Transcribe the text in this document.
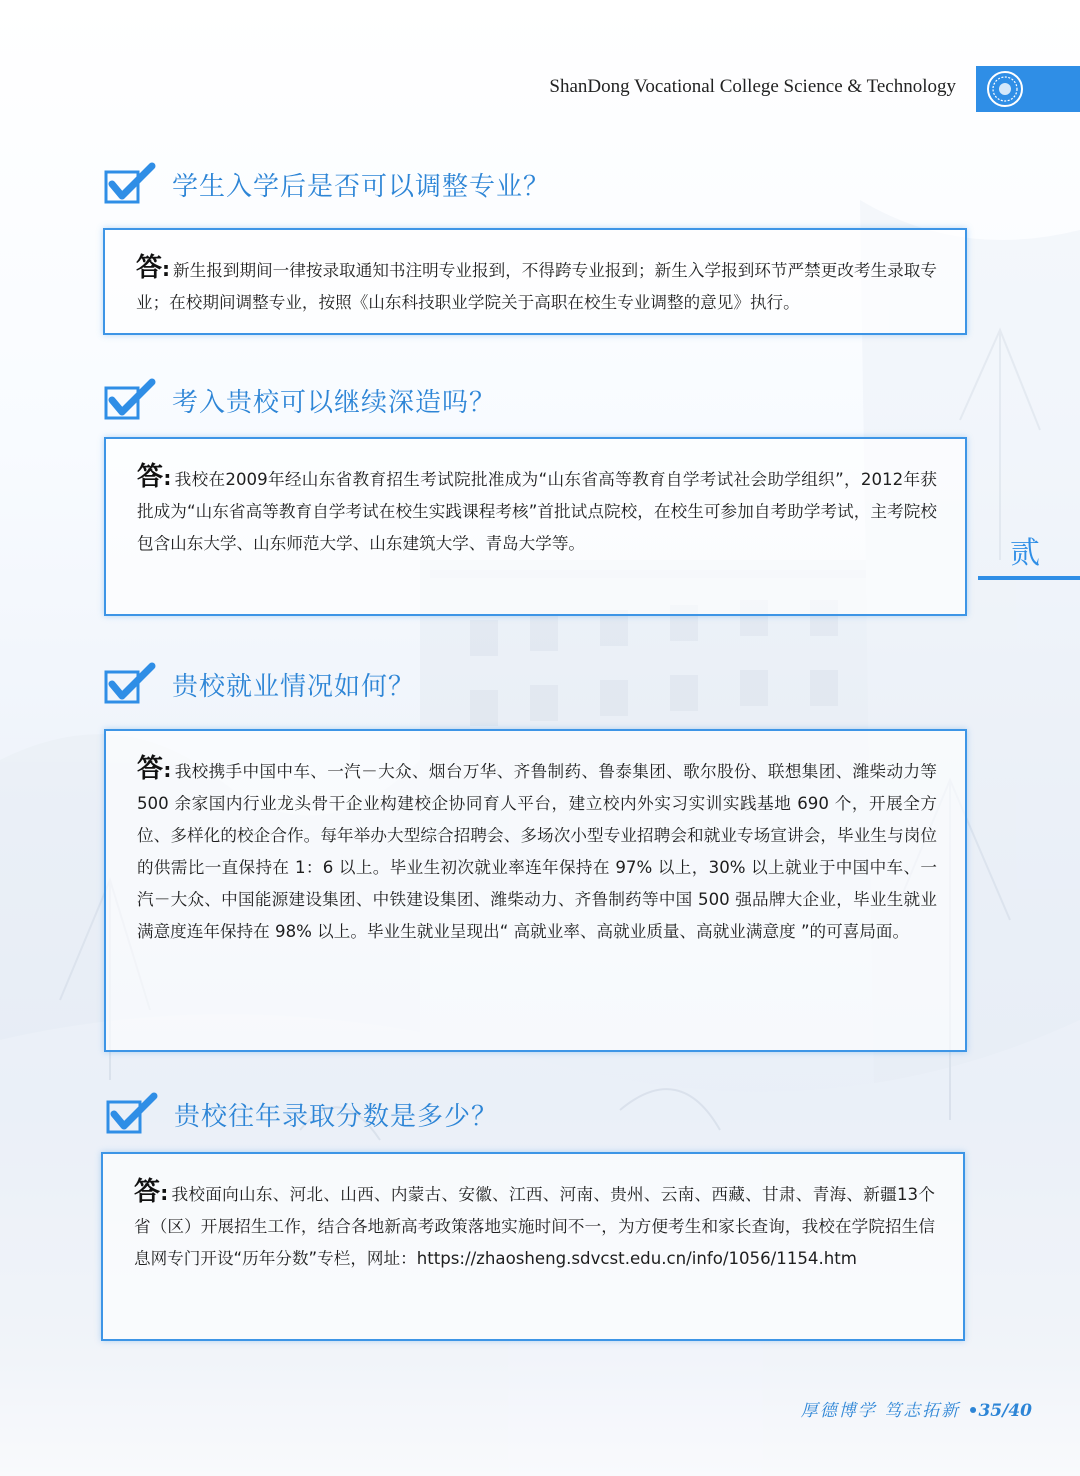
ShanDong Vocational College Science & Technology
贰
学生入学后是否可以调整专业？
答: 新生报到期间一律按录取通知书注明专业报到，不得跨专业报到；新生入学报到环节严禁更改考生录取专业；在校期间调整专业，按照《山东科技职业学院关于高职在校生专业调整的意见》执行。
考入贵校可以继续深造吗？
答: 我校在2009年经山东省教育招生考试院批准成为“山东省高等教育自学考试社会助学组织”，2012年获批成为“山东省高等教育自学考试在校生实践课程考核”首批试点院校，在校生可参加自考助学考试，主考院校包含山东大学、山东师范大学、山东建筑大学、青岛大学等。
贵校就业情况如何？
答: 我校携手中国中车、一汽－大众、烟台万华、齐鲁制药、鲁泰集团、歌尔股份、联想集团、潍柴动力等 500 余家国内行业龙头骨干企业构建校企协同育人平台，建立校内外实习实训实践基地 690 个，开展全方位、多样化的校企合作。每年举办大型综合招聘会、多场次小型专业招聘会和就业专场宣讲会，毕业生与岗位的供需比一直保持在 1：6 以上。毕业生初次就业率连年保持在 97% 以上，30% 以上就业于中国中车、一汽－大众、中国能源建设集团、中铁建设集团、潍柴动力、齐鲁制药等中国 500 强品牌大企业，毕业生就业满意度连年保持在 98% 以上。毕业生就业呈现出“ 高就业率、高就业质量、高就业满意度 ”的可喜局面。
贵校往年录取分数是多少？
答: 我校面向山东、河北、山西、内蒙古、安徽、江西、河南、贵州、云南、西藏、甘肃、青海、新疆13个省（区）开展招生工作，结合各地新高考政策落地实施时间不一，为方便考生和家长查询，我校在学院招生信息网专门开设“历年分数”专栏，网址：https://zhaosheng.sdvcst.edu.cn/info/1056/1154.htm
厚德博学 笃志拓新 •35/40
